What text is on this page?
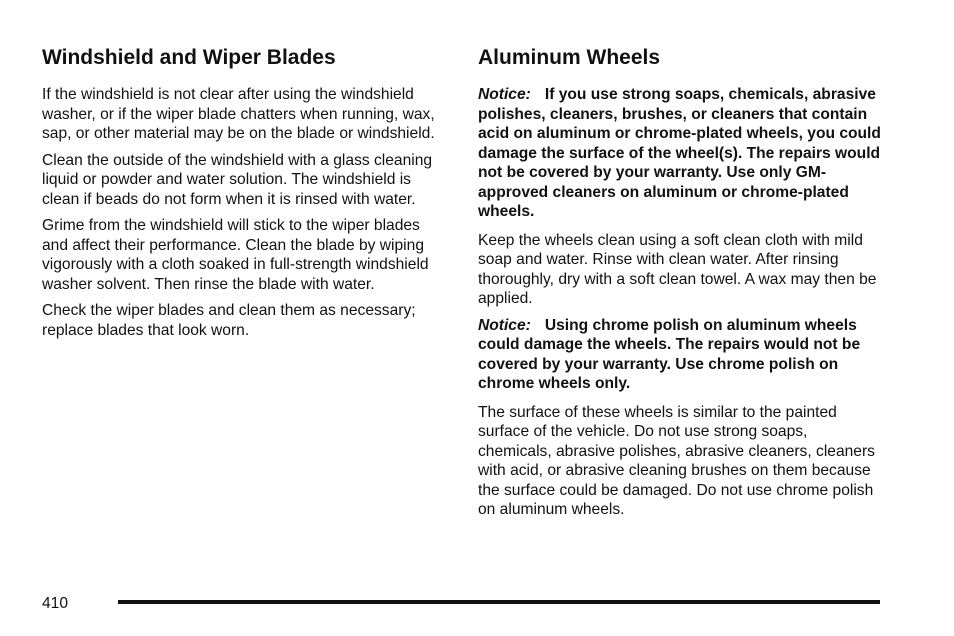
Windshield and Wiper Blades

If the windshield is not clear after using the windshield washer, or if the wiper blade chatters when running, wax, sap, or other material may be on the blade or windshield.

Clean the outside of the windshield with a glass cleaning liquid or powder and water solution. The windshield is clean if beads do not form when it is rinsed with water.

Grime from the windshield will stick to the wiper blades and affect their performance. Clean the blade by wiping vigorously with a cloth soaked in full-strength windshield washer solvent. Then rinse the blade with water.

Check the wiper blades and clean them as necessary; replace blades that look worn.

Aluminum Wheels

Notice: If you use strong soaps, chemicals, abrasive polishes, cleaners, brushes, or cleaners that contain acid on aluminum or chrome-plated wheels, you could damage the surface of the wheel(s). The repairs would not be covered by your warranty. Use only GM-approved cleaners on aluminum or chrome-plated wheels.

Keep the wheels clean using a soft clean cloth with mild soap and water. Rinse with clean water. After rinsing thoroughly, dry with a soft clean towel. A wax may then be applied.

Notice: Using chrome polish on aluminum wheels could damage the wheels. The repairs would not be covered by your warranty. Use chrome polish on chrome wheels only.

The surface of these wheels is similar to the painted surface of the vehicle. Do not use strong soaps, chemicals, abrasive polishes, abrasive cleaners, cleaners with acid, or abrasive cleaning brushes on them because the surface could be damaged. Do not use chrome polish on aluminum wheels.

410
